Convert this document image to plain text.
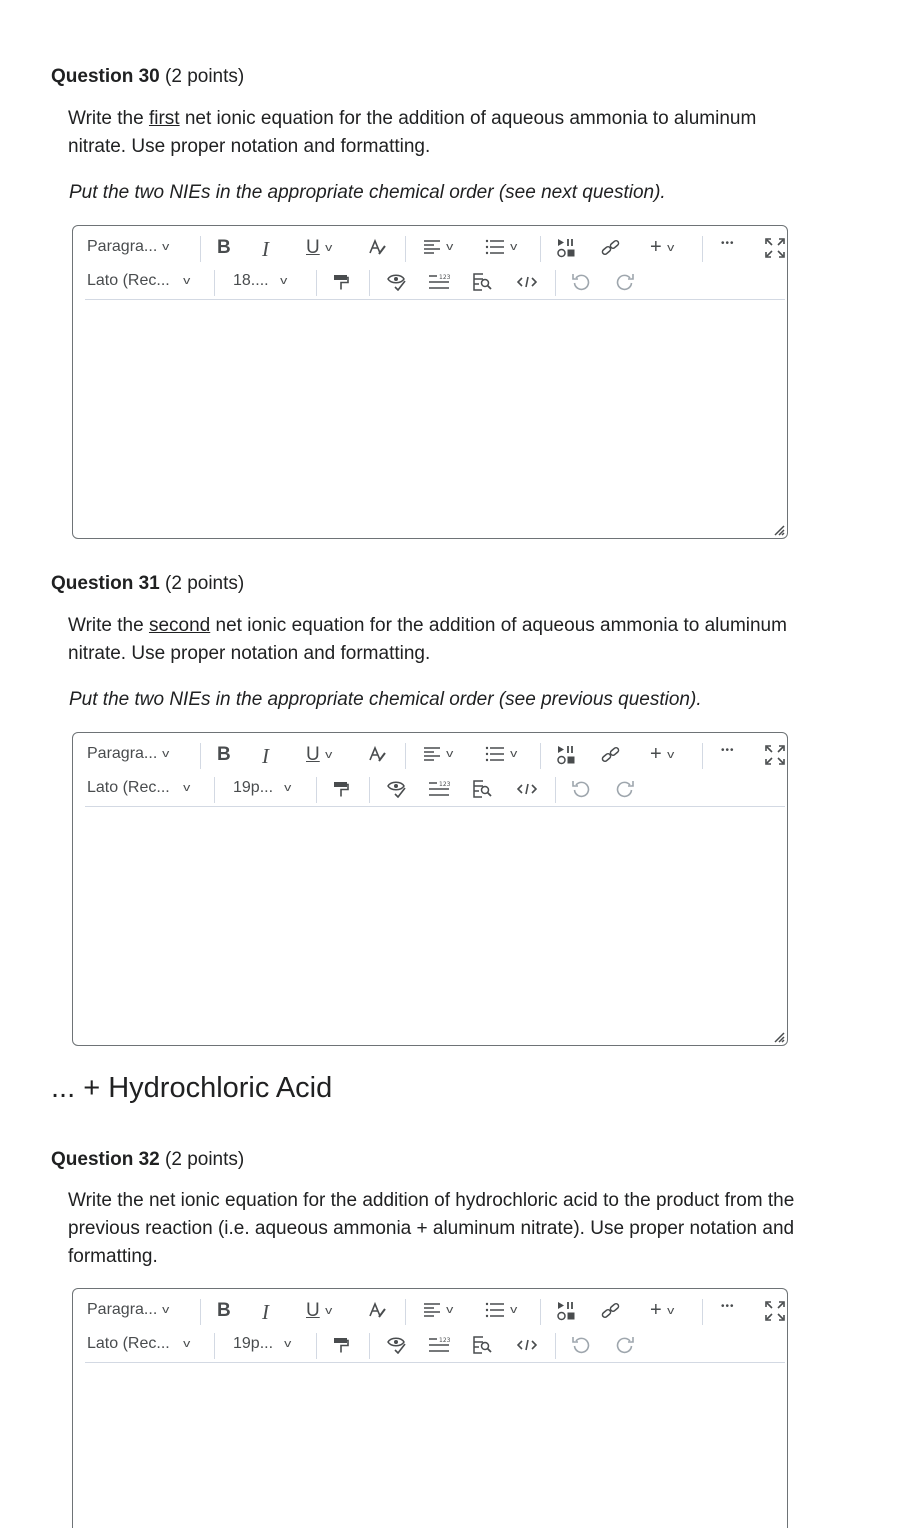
Question 30 (2 points)
Write the first net ionic equation for the addition of aqueous ammonia to aluminum nitrate. Use proper notation and formatting.
Put the two NIEs in the appropriate chemical order (see next question).
Paragra... v B I U v	v	v	+ v	•••
Lato (Rec... v	18.... v	123
Question 31 (2 points)
Write the second net ionic equation for the addition of aqueous ammonia to aluminum nitrate. Use proper notation and formatting.
Put the two NIEs in the appropriate chemical order (see previous question).
Paragra... v B I U v	v	v	+ v	•••
Lato (Rec... v	19p... v	123
... + Hydrochloric Acid
Question 32 (2 points)
Write the net ionic equation for the addition of hydrochloric acid to the product from the previous reaction (i.e. aqueous ammonia + aluminum nitrate). Use proper notation and formatting.
Paragra... v B I U v	v	v	+ v	•••
Lato (Rec... v	19p... v	123
